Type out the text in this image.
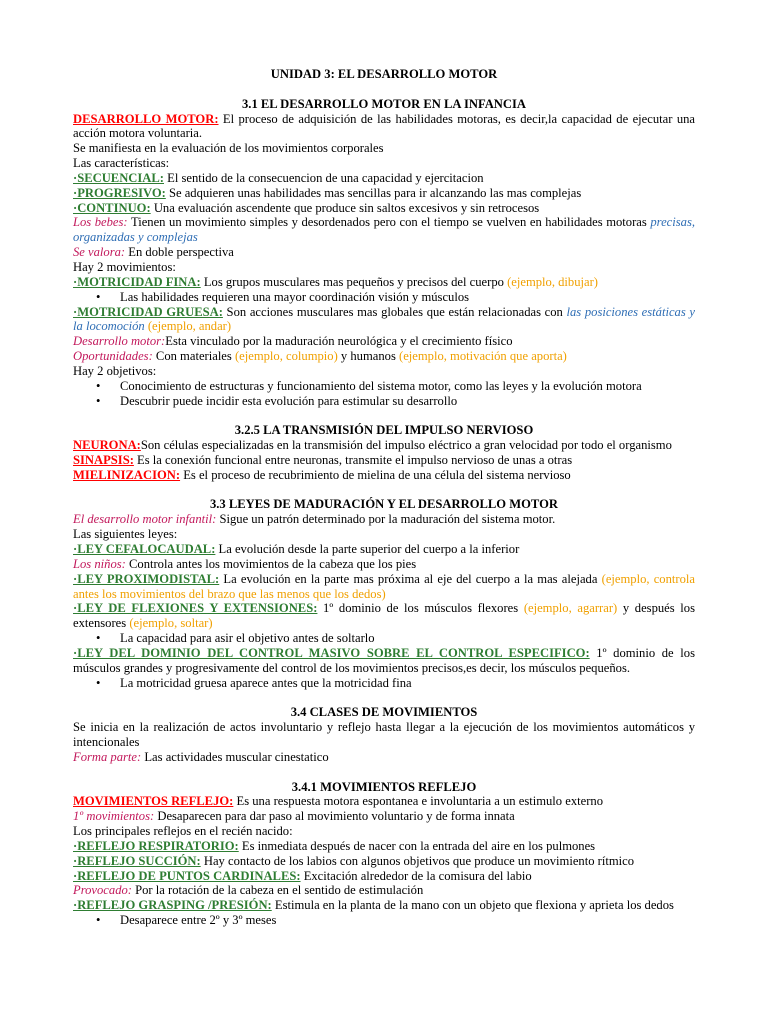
UNIDAD 3: EL DESARROLLO MOTOR
3.1 EL DESARROLLO MOTOR EN LA INFANCIA

DESARROLLO MOTOR: El proceso de adquisición de las habilidades motoras, es decir,la capacidad de ejecutar una acción motora voluntaria.

Se manifiesta en la evaluación de los movimientos corporales

Las características:

·SECUENCIAL: El sentido de la consecuencion de una capacidad y ejercitacion

·PROGRESIVO: Se adquieren unas habilidades mas sencillas para ir alcanzando las mas complejas

·CONTINUO: Una evaluación ascendente que produce sin saltos excesivos y sin retrocesos

Los bebes: Tienen un movimiento simples y desordenados pero con el tiempo se vuelven en habilidades motoras precisas, organizadas y complejas

Se valora: En doble perspectiva

Hay 2 movimientos:

·MOTRICIDAD FINA: Los grupos musculares mas pequeños y precisos del cuerpo (ejemplo, dibujar)

• Las habilidades requieren una mayor coordinación visión y músculos

·MOTRICIDAD GRUESA: Son acciones musculares mas globales que están relacionadas con las posiciones estáticas y la locomoción (ejemplo, andar)

Desarrollo motor:Esta vinculado por la maduración neurológica y el crecimiento físico

Oportunidades: Con materiales (ejemplo, columpio) y humanos (ejemplo, motivación que aporta)

Hay 2 objetivos:

• Conocimiento de estructuras y funcionamiento del sistema motor, como las leyes y la evolución motora
• Descubrir puede incidir esta evolución para estimular su desarrollo
3.2.5 LA TRANSMISIÓN DEL IMPULSO NERVIOSO

NEURONA:Son células especializadas en la transmisión del impulso eléctrico a gran velocidad por todo el organismo

SINAPSIS: Es la conexión funcional entre neuronas, transmite el impulso nervioso de unas a otras

MIELINIZACION: Es el proceso de recubrimiento de mielina de una célula del sistema nervioso

3.3 LEYES DE MADURACIÓN Y EL DESARROLLO MOTOR

El desarrollo motor infantil: Sigue un patrón determinado por la maduración del sistema motor.

Las siguientes leyes:

·LEY CEFALOCAUDAL: La evolución desde la parte superior del cuerpo a la inferior

Los niños: Controla antes los movimientos de la cabeza que los pies

·LEY PROXIMODISTAL: La evolución en la parte mas próxima al eje del cuerpo a la mas alejada (ejemplo, controla antes los movimientos del brazo que las menos que los dedos)

·LEY DE FLEXIONES Y EXTENSIONES: 1º dominio de los músculos flexores (ejemplo, agarrar) y después los extensores (ejemplo, soltar)

• La capacidad para asir el objetivo antes de soltarlo

·LEY DEL DOMINIO DEL CONTROL MASIVO SOBRE EL CONTROL ESPECIFICO: 1º dominio de los músculos grandes y progresivamente del control de los movimientos precisos,es decir, los músculos pequeños.

• La motricidad gruesa aparece antes que la motricidad fina
3.4 CLASES DE MOVIMIENTOS

Se inicia en la realización de actos involuntario y reflejo hasta llegar a la ejecución de los movimientos automáticos y intencionales

Forma parte: Las actividades muscular cinestatico

3.4.1 MOVIMIENTOS REFLEJO

MOVIMIENTOS REFLEJO: Es una respuesta motora espontanea e involuntaria a un estimulo externo

1º movimientos: Desaparecen para dar paso al movimiento voluntario y de forma innata

Los principales reflejos en el recién nacido:

·REFLEJO RESPIRATORIO: Es inmediata después de nacer con la entrada del aire en los pulmones

·REFLEJO SUCCIÓN: Hay contacto de los labios con algunos objetivos que produce un movimiento rítmico

·REFLEJO DE PUNTOS CARDINALES: Excitación alrededor de la comisura del labio

Provocado: Por la rotación de la cabeza en el sentido de estimulación

·REFLEJO GRASPING /PRESIÓN: Estimula en la planta de la mano con un objeto que flexiona y aprieta los dedos

• Desaparece entre 2º y 3º meses
